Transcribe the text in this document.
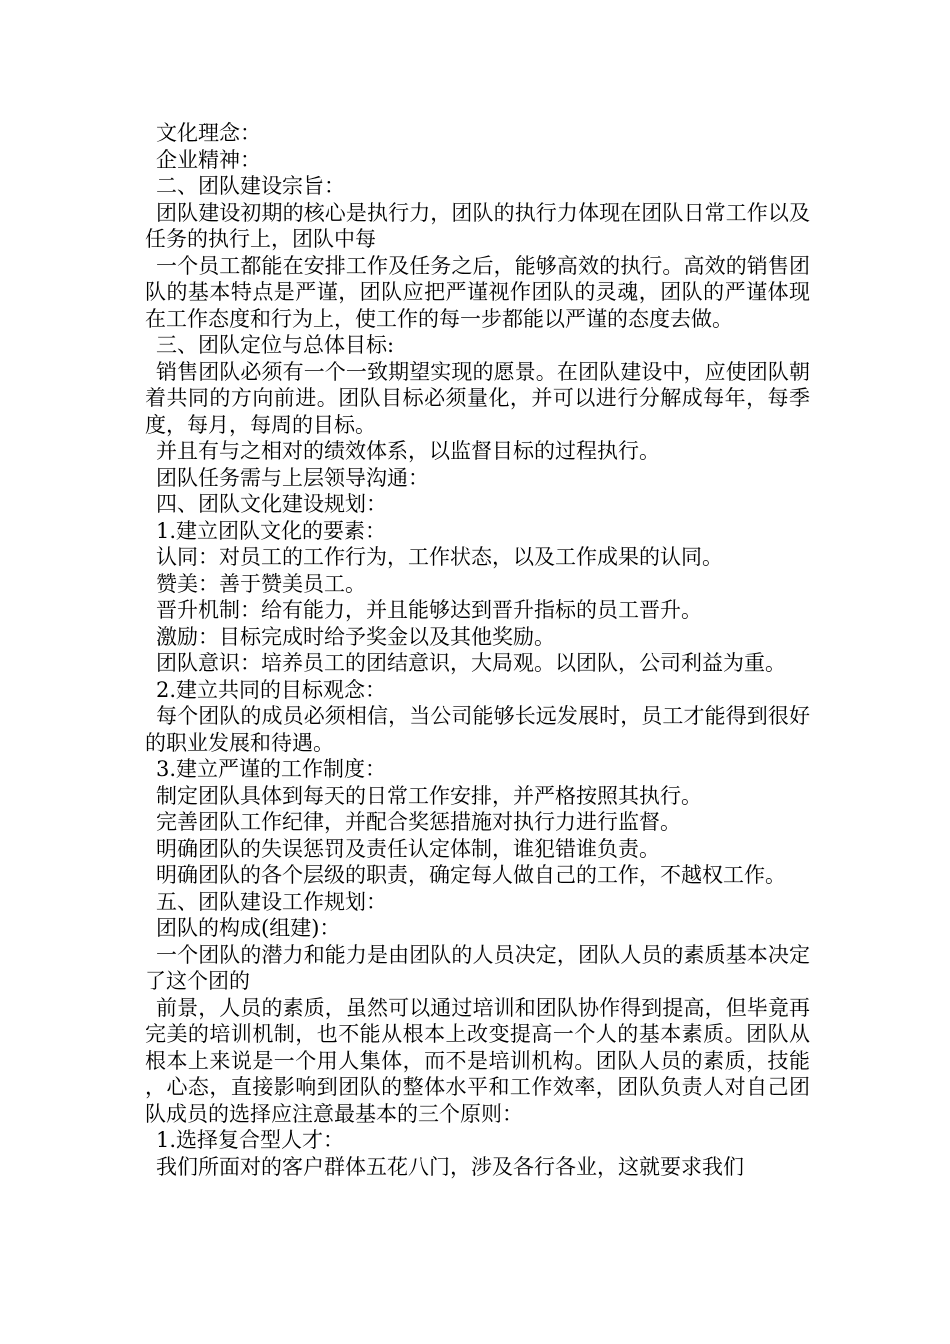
文化理念：

企业精神：

二、团队建设宗旨：

团队建设初期的核心是执行力，团队的执行力体现在团队日常工作以及任务的执行上，团队中每

一个员工都能在安排工作及任务之后，能够高效的执行。高效的销售团队的基本特点是严谨，团队应把严谨视作团队的灵魂，团队的严谨体现在工作态度和行为上，使工作的每一步都能以严谨的态度去做。

三、团队定位与总体目标:

销售团队必须有一个一致期望实现的愿景。在团队建设中，应使团队朝着共同的方向前进。团队目标必须量化，并可以进行分解成每年，每季度，每月，每周的目标。

并且有与之相对的绩效体系，以监督目标的过程执行。

团队任务需与上层领导沟通：

四、团队文化建设规划：

1.建立团队文化的要素：

认同：对员工的工作行为，工作状态，以及工作成果的认同。

赞美：善于赞美员工。

晋升机制：给有能力，并且能够达到晋升指标的员工晋升。

激励：目标完成时给予奖金以及其他奖励。

团队意识：培养员工的团结意识，大局观。以团队，公司利益为重。

2.建立共同的目标观念：

每个团队的成员必须相信，当公司能够长远发展时，员工才能得到很好的职业发展和待遇。

3.建立严谨的工作制度：

制定团队具体到每天的日常工作安排，并严格按照其执行。

完善团队工作纪律，并配合奖惩措施对执行力进行监督。

明确团队的失误惩罚及责任认定体制，谁犯错谁负责。

明确团队的各个层级的职责，确定每人做自己的工作，不越权工作。

五、团队建设工作规划：

团队的构成(组建)：

一个团队的潜力和能力是由团队的人员决定，团队人员的素质基本决定了这个团的

前景，人员的素质，虽然可以通过培训和团队协作得到提高，但毕竟再完美的培训机制，也不能从根本上改变提高一个人的基本素质。团队从根本上来说是一个用人集体，而不是培训机构。团队人员的素质，技能，心态，直接影响到团队的整体水平和工作效率，团队负责人对自己团队成员的选择应注意最基本的三个原则：

1.选择复合型人才：

我们所面对的客户群体五花八门，涉及各行各业，这就要求我们
